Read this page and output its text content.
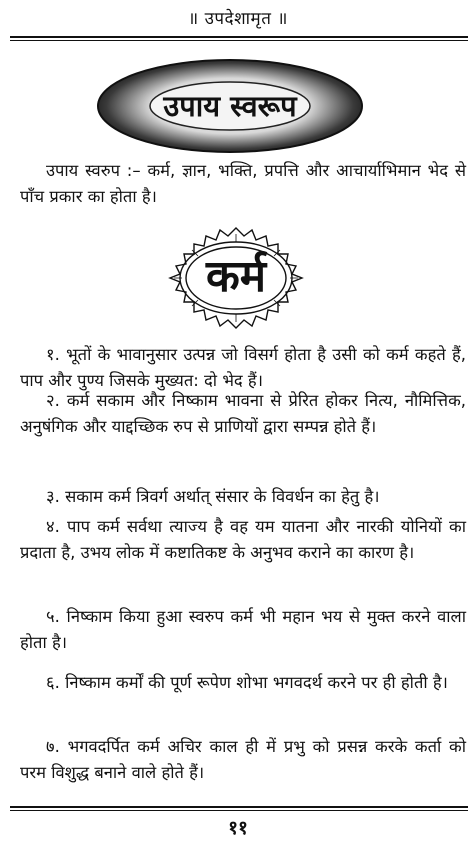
॥ उपदेशामृत ॥
उपाय स्वरूप

उपाय स्वरुप :– कर्म, ज्ञान, भक्ति, प्रपत्ति और आचार्याभिमान भेद से पाँच प्रकार का होता है।

कर्म

१. भूतों के भावानुसार उत्पन्न जो विसर्ग होता है उसी को कर्म कहते हैं, पाप और पुण्य जिसके मुख्यत: दो भेद हैं।

२. कर्म सकाम और निष्काम भावना से प्रेरित होकर नित्य, नौमित्तिक, अनुषंगिक और याद्दच्छिक रुप से प्राणियों द्वारा सम्पन्न होते हैं।

३. सकाम कर्म त्रिवर्ग अर्थात् संसार के विवर्धन का हेतु है।

४. पाप कर्म सर्वथा त्याज्य है वह यम यातना और नारकी योनियों का प्रदाता है, उभय लोक में कष्टातिकष्ट के अनुभव कराने का कारण है।

५. निष्काम किया हुआ स्वरुप कर्म भी महान भय से मुक्त करने वाला होता है।

६. निष्काम कर्मों की पूर्ण रूपेण शोभा भगवदर्थ करने पर ही होती है।

७. भगवदर्पित कर्म अचिर काल ही में प्रभु को प्रसन्न करके कर्ता को परम विशुद्ध बनाने वाले होते हैं।

११
